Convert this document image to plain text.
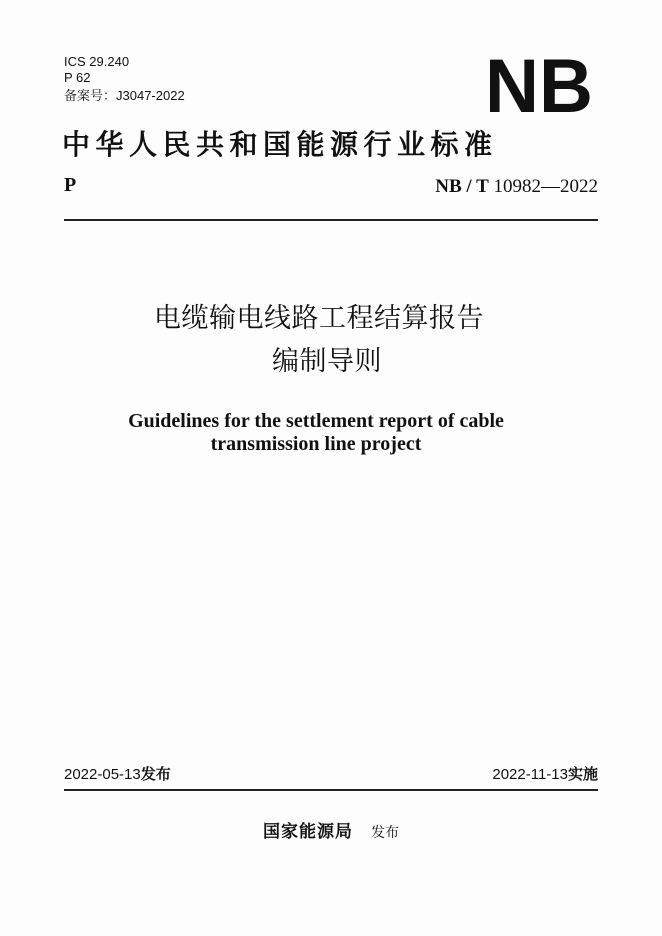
ICS 29.240
P 62
备案号：J3047-2022	NB
中华人民共和国能源行业标准
P	NB / T 10982—2022
电缆输电线路工程结算报告
编制导则
Guidelines for the settlement report of cable
transmission line project
2022-05-13发布	2022-11-13实施
国家能源局 发布
